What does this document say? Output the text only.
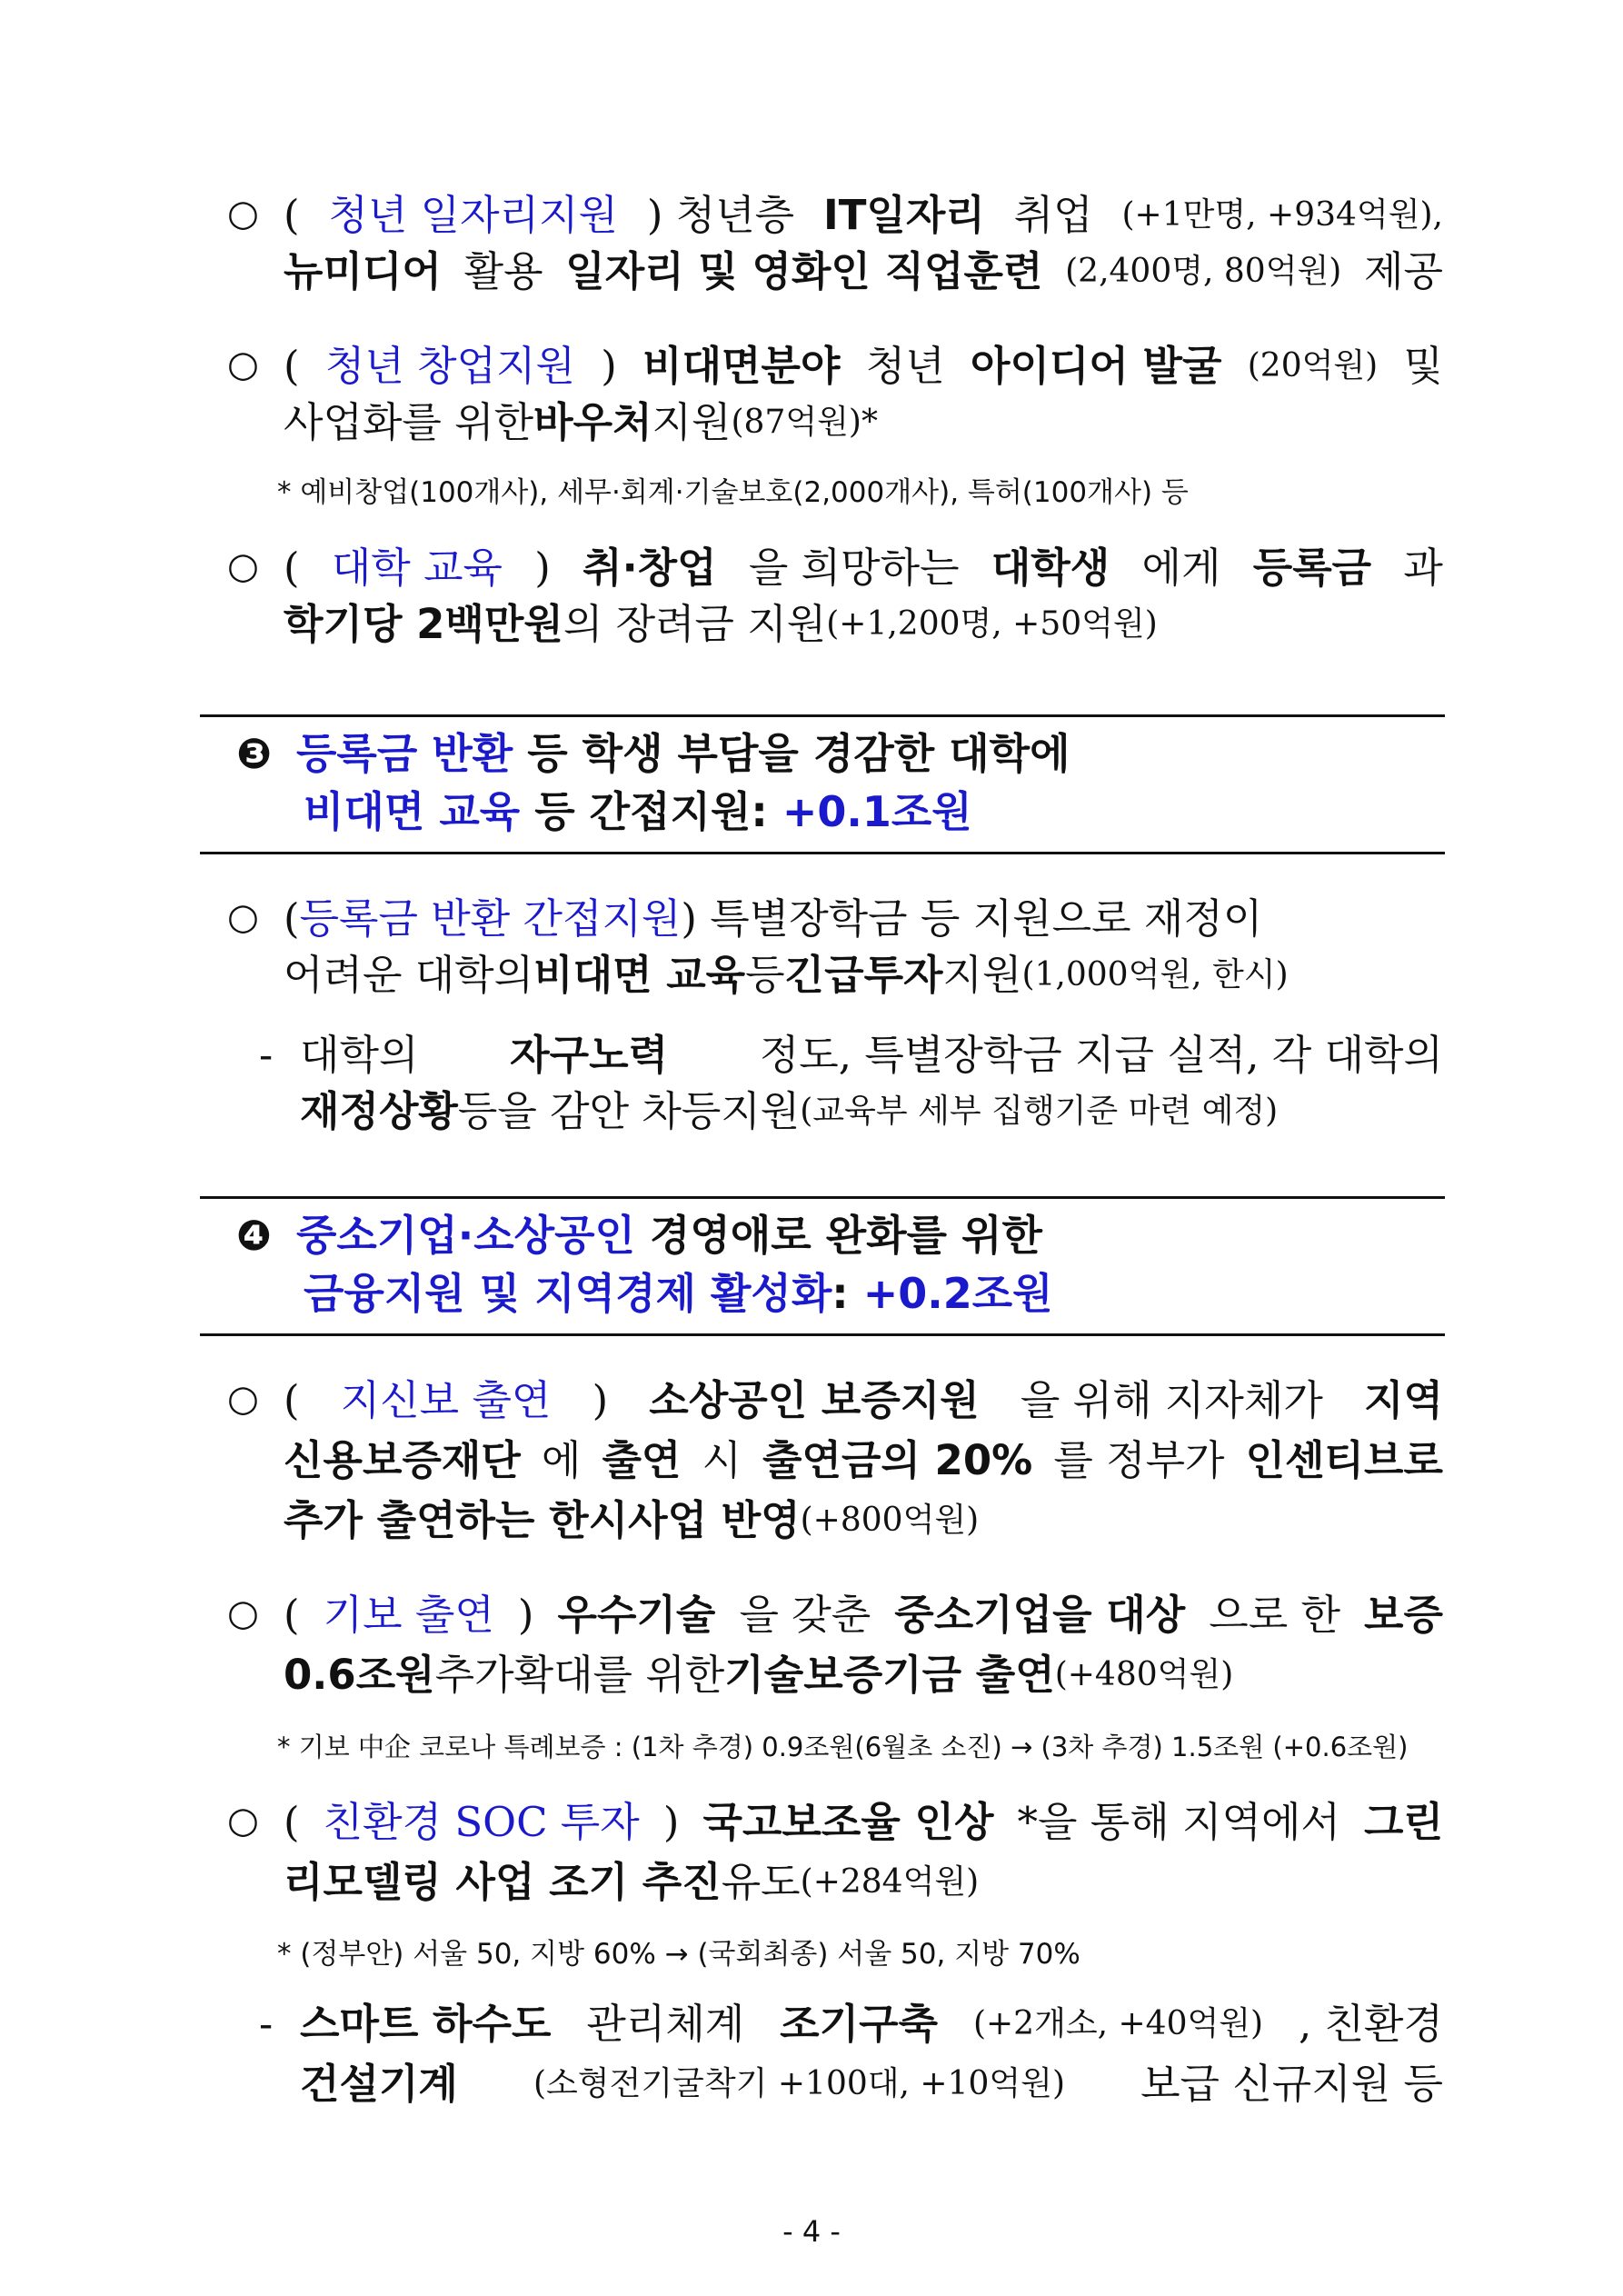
○ ( 청년 일자리지원 ) 청년층 IT일자리 취업 (+1만명, +934억원),
뉴미디어 활용 일자리 및 영화인 직업훈련 (2,400명, 80억원) 제공
○ ( 청년 창업지원 ) 비대면분야 청년 아이디어 발굴 (20억원) 및
사업화를 위한 바우처 지원 (87억원)*
* 예비창업(100개사), 세무·회계·기술보호(2,000개사), 특허(100개사) 등
○ ( 대학 교육 ) 취·창업 을 희망하는 대학생 에게 등록금 과
학기당 2백만원 의 장려금 지원 (+1,200명, +50억원)
❸ 등록금 반환 등 학생 부담을 경감한 대학에
비대면 교육 등 간접지원: +0.1조원
○ ( 등록금 반환 간접지원 ) 특별장학금 등 지원으로 재정이
어려운 대학의 비대면 교육 등 긴급투자 지원 (1,000억원, 한시)
- 대학의 자구노력 정도, 특별장학금 지급 실적, 각 대학의
재정상황 등을 감안 차등지원 (교육부 세부 집행기준 마련 예정)
❹ 중소기업·소상공인 경영애로 완화를 위한
금융지원 및 지역경제 활성화: +0.2조원
○ ( 지신보 출연 ) 소상공인 보증지원 을 위해 지자체가 지역
신용보증재단 에 출연 시 출연금의 20% 를 정부가 인센티브로
추가 출연하는 한시사업 반영 (+800억원)
○ ( 기보 출연 ) 우수기술 을 갖춘 중소기업을 대상 으로 한 보증
0.6조원 추가확대를 위한 기술보증기금 출연 (+480억원)
* 기보 中企 코로나 특례보증 : (1차 추경) 0.9조원(6월초 소진) → (3차 추경) 1.5조원 (+0.6조원)
○ ( 친환경 SOC 투자 ) 국고보조율 인상 *을 통해 지역에서 그린
리모델링 사업 조기 추진 유도 (+284억원)
* (정부안) 서울 50, 지방 60% → (국회최종) 서울 50, 지방 70%
- 스마트 하수도 관리체계 조기구축 (+2개소, +40억원) , 친환경
건설기계 (소형전기굴착기 +100대, +10억원) 보급 신규지원 등
- 4 -
